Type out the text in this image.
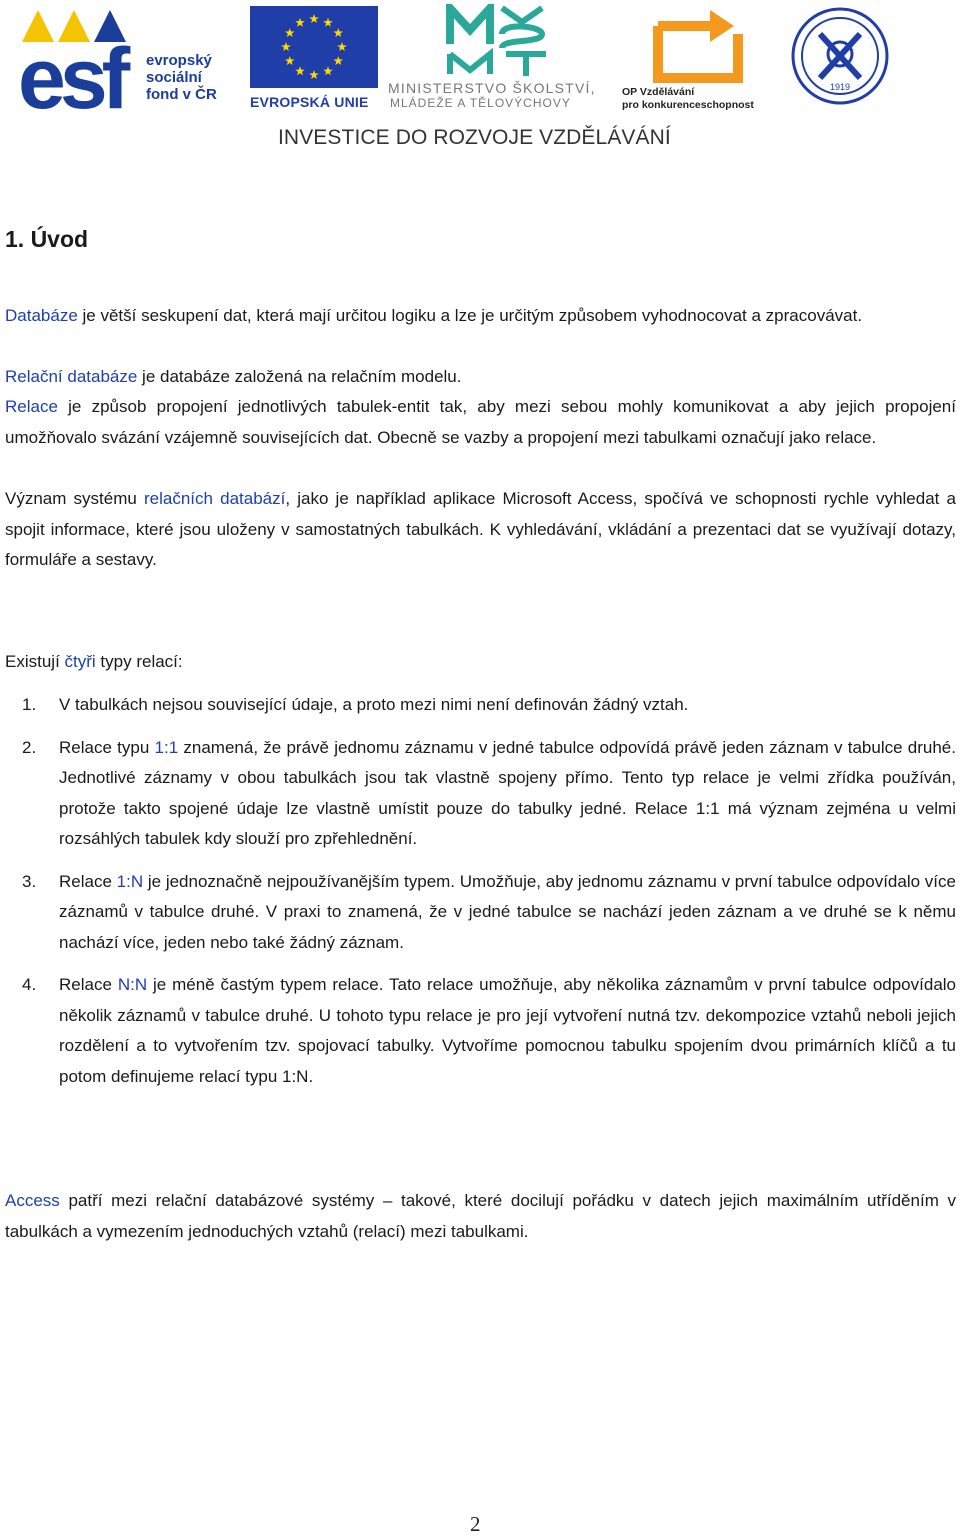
esf evropský
sociální
fond v ČR EVROPSKÁ UNIE
MINISTERSTVO ŠKOLSTVÍ,
MLÁDEŽE A TĚLOVÝCHOVY
2007-13
OP Vzdělávání
pro konkurenceschopnost
1919
INVESTICE DO ROZVOJE VZDĚLÁVÁNÍ
1. Úvod

Databáze je větší seskupení dat, která mají určitou logiku a lze je určitým způsobem vyhodnocovat a zpracovávat.

Relační databáze je databáze založená na relačním modelu.

Relace je způsob propojení jednotlivých tabulek-entit tak, aby mezi sebou mohly komunikovat a aby jejich propojení umožňovalo svázání vzájemně souvisejících dat. Obecně se vazby a propojení mezi tabulkami označují jako relace.

Význam systému relačních databází, jako je například aplikace Microsoft Access, spočívá ve schopnosti rychle vyhledat a spojit informace, které jsou uloženy v samostatných tabulkách. K vyhledávání, vkládání a prezentaci dat se využívají dotazy, formuláře a sestavy.

Existují čtyři typy relací:

1. V tabulkách nejsou související údaje, a proto mezi nimi není definován žádný vztah.
2. Relace typu 1:1 znamená, že právě jednomu záznamu v jedné tabulce odpovídá právě jeden záznam v tabulce druhé. Jednotlivé záznamy v obou tabulkách jsou tak vlastně spojeny přímo. Tento typ relace je velmi zřídka používán, protože takto spojené údaje lze vlastně umístit pouze do tabulky jedné. Relace 1:1 má význam zejména u velmi rozsáhlých tabulek kdy slouží pro zpřehlednění.
3. Relace 1:N je jednoznačně nejpoužívanějším typem. Umožňuje, aby jednomu záznamu v první tabulce odpovídalo více záznamů v tabulce druhé. V praxi to znamená, že v jedné tabulce se nachází jeden záznam a ve druhé se k němu nachází více, jeden nebo také žádný záznam.
4. Relace N:N je méně častým typem relace. Tato relace umožňuje, aby několika záznamům v první tabulce odpovídalo několik záznamů v tabulce druhé. U tohoto typu relace je pro její vytvoření nutná tzv. dekompozice vztahů neboli jejich rozdělení a to vytvořením tzv. spojovací tabulky. Vytvoříme pomocnou tabulku spojením dvou primárních klíčů a tu potom definujeme relací typu 1:N.

Access patří mezi relační databázové systémy – takové, které docilují pořádku v datech jejich maximálním utříděním v tabulkách a vymezením jednoduchých vztahů (relací) mezi tabulkami.

2
